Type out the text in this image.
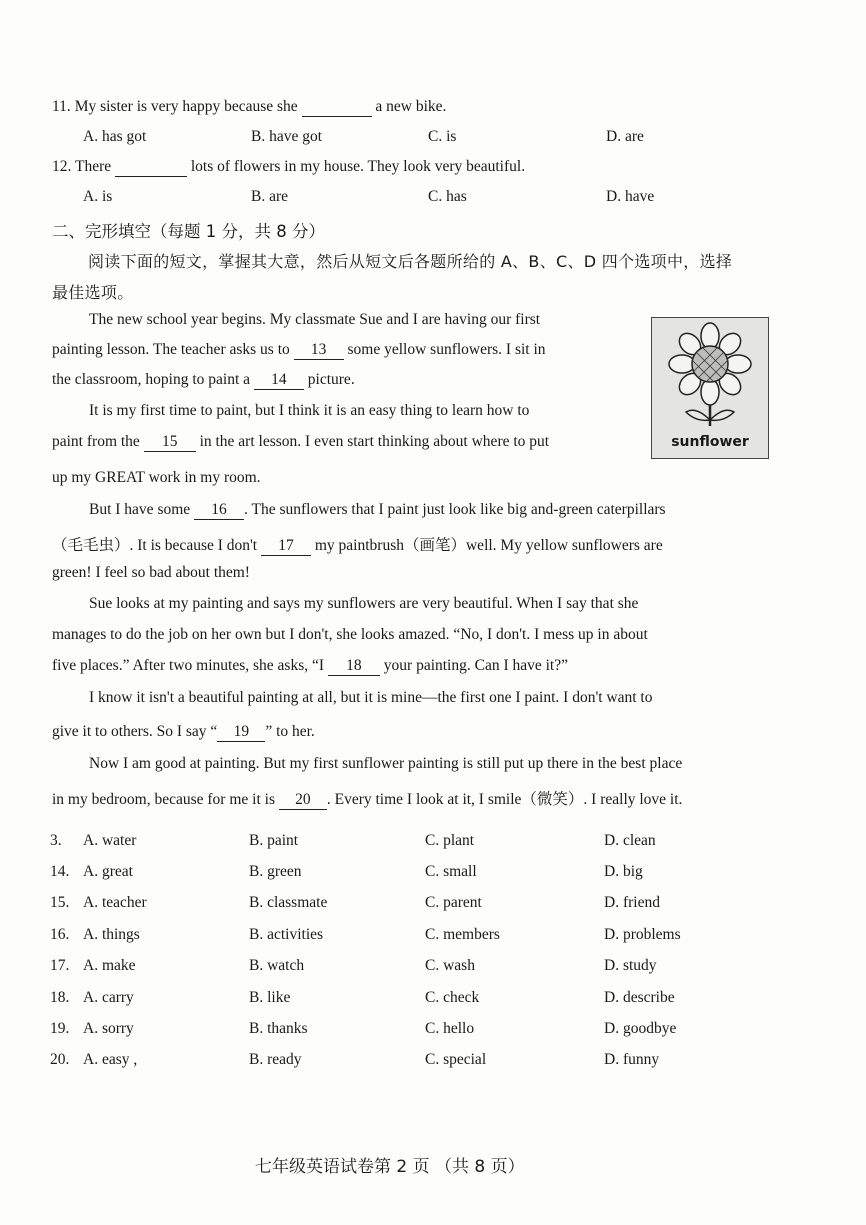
11. My sister is very happy because she	a new bike.
A. has got	B. have got	C. is	D. are
12. There	lots of flowers in my house. They look very beautiful.
A. is	B. are	C. has	D. have
二、完形填空（每题 1 分，共 8 分）
阅读下面的短文，掌握其大意，然后从短文后各题所给的 A、B、C、D 四个选项中，选择
最佳选项。
sunflower
The new school year begins. My classmate Sue and I are having our first
painting lesson. The teacher asks us to 13 some yellow sunflowers. I sit in
the classroom, hoping to paint a 14 picture.
It is my first time to paint, but I think it is an easy thing to learn how to
paint from the 15 in the art lesson. I even start thinking about where to put
up my GREAT work in my room.
But I have some 16 . The sunflowers that I paint just look like big and-green caterpillars
（毛毛虫）. It is because I don't 17 my paintbrush（画笔）well. My yellow sunflowers are
green! I feel so bad about them!
Sue looks at my painting and says my sunflowers are very beautiful. When I say that she
manages to do the job on her own but I don't, she looks amazed. “No, I don't. I mess up in about
five places.” After two minutes, she asks, “I 18 your painting. Can I have it?”
I know it isn't a beautiful painting at all, but it is mine—the first one I paint. I don't want to
give it to others. So I say “ 19 ” to her.
Now I am good at painting. But my first sunflower painting is still put up there in the best place
in my bedroom, because for me it is 20 . Every time I look at it, I smile（微笑）. I really love it.
3. A. water	B. paint	C. plant	D. clean
14. A. great	B. green	C. small	D. big
15. A. teacher	B. classmate	C. parent	D. friend
16. A. things	B. activities	C. members	D. problems
17. A. make	B. watch	C. wash	D. study
18. A. carry	B. like	C. check	D. describe
19. A. sorry	B. thanks	C. hello	D. goodbye
20. A. easy ,	B. ready	C. special	D. funny
七年级英语试卷第 2 页 （共 8 页）
